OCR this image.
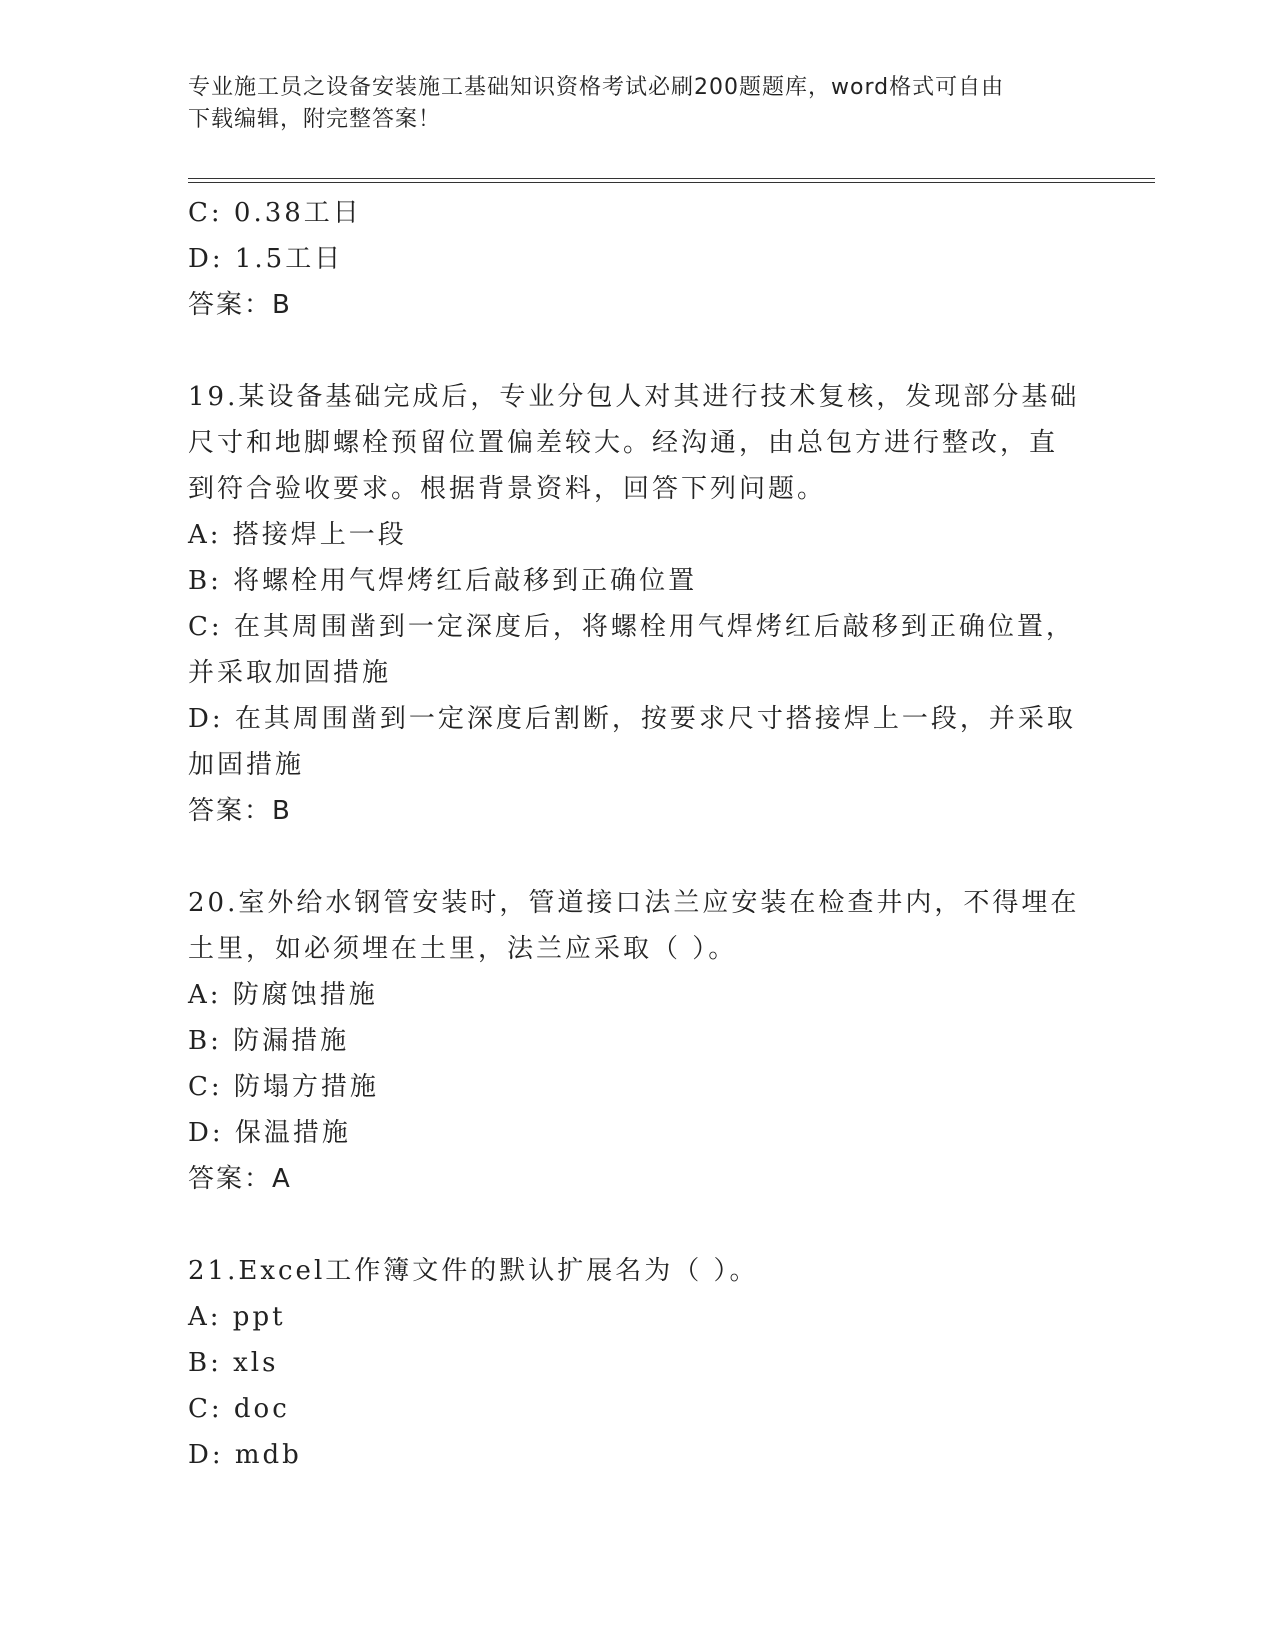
专业施工员之设备安装施工基础知识资格考试必刷200题题库，word格式可自由
下载编辑，附完整答案！
C: 0.38工日
D: 1.5工日
答案：B
19.某设备基础完成后，专业分包人对其进行技术复核，发现部分基础
尺寸和地脚螺栓预留位置偏差较大。经沟通，由总包方进行整改，直
到符合验收要求。根据背景资料，回答下列问题。
A: 搭接焊上一段
B: 将螺栓用气焊烤红后敲移到正确位置
C: 在其周围凿到一定深度后，将螺栓用气焊烤红后敲移到正确位置，
并采取加固措施
D: 在其周围凿到一定深度后割断，按要求尺寸搭接焊上一段，并采取
加固措施
答案：B
20.室外给水钢管安装时，管道接口法兰应安装在检查井内，不得埋在
土里，如必须埋在土里，法兰应采取（ ）。
A: 防腐蚀措施
B: 防漏措施
C: 防塌方措施
D: 保温措施
答案：A
21.Excel工作簿文件的默认扩展名为（ ）。
A: ppt
B: xls
C: doc
D: mdb
